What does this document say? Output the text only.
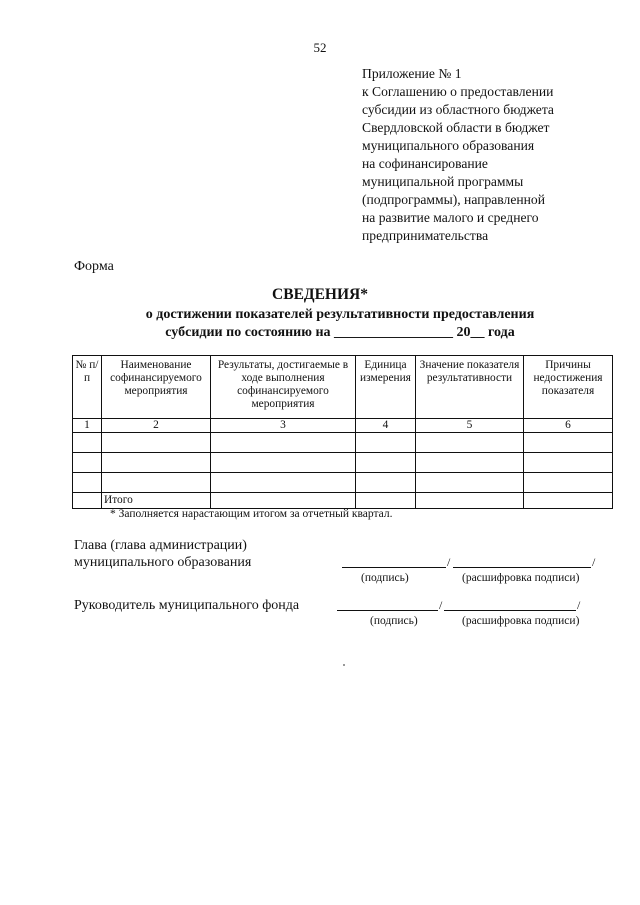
52
Приложение № 1
к Соглашению о предоставлении
субсидии из областного бюджета
Свердловской области в бюджет
муниципального образования
на софинансирование
муниципальной программы
(подпрограммы), направленной
на развитие малого и среднего
предпринимательства
Форма
СВЕДЕНИЯ*
о достижении показателей результативности предоставления
субсидии по состоянию на _________________ 20__ года
№ п/п	Наименование софинансируемого мероприятия	Результаты, достигаемые в ходе выполнения софинансируемого мероприятия	Единица измерения	Значение показателя результативности	Причины недостижения показателя
1	2	3	4	5	6

	Итого				
* Заполняется нарастающим итогом за отчетный квартал.
Глава (глава администрации)
муниципального образования	/	/
(подпись)	(расшифровка подписи)
Руководитель муниципального фонда	/	/
(подпись)	(расшифровка подписи)
